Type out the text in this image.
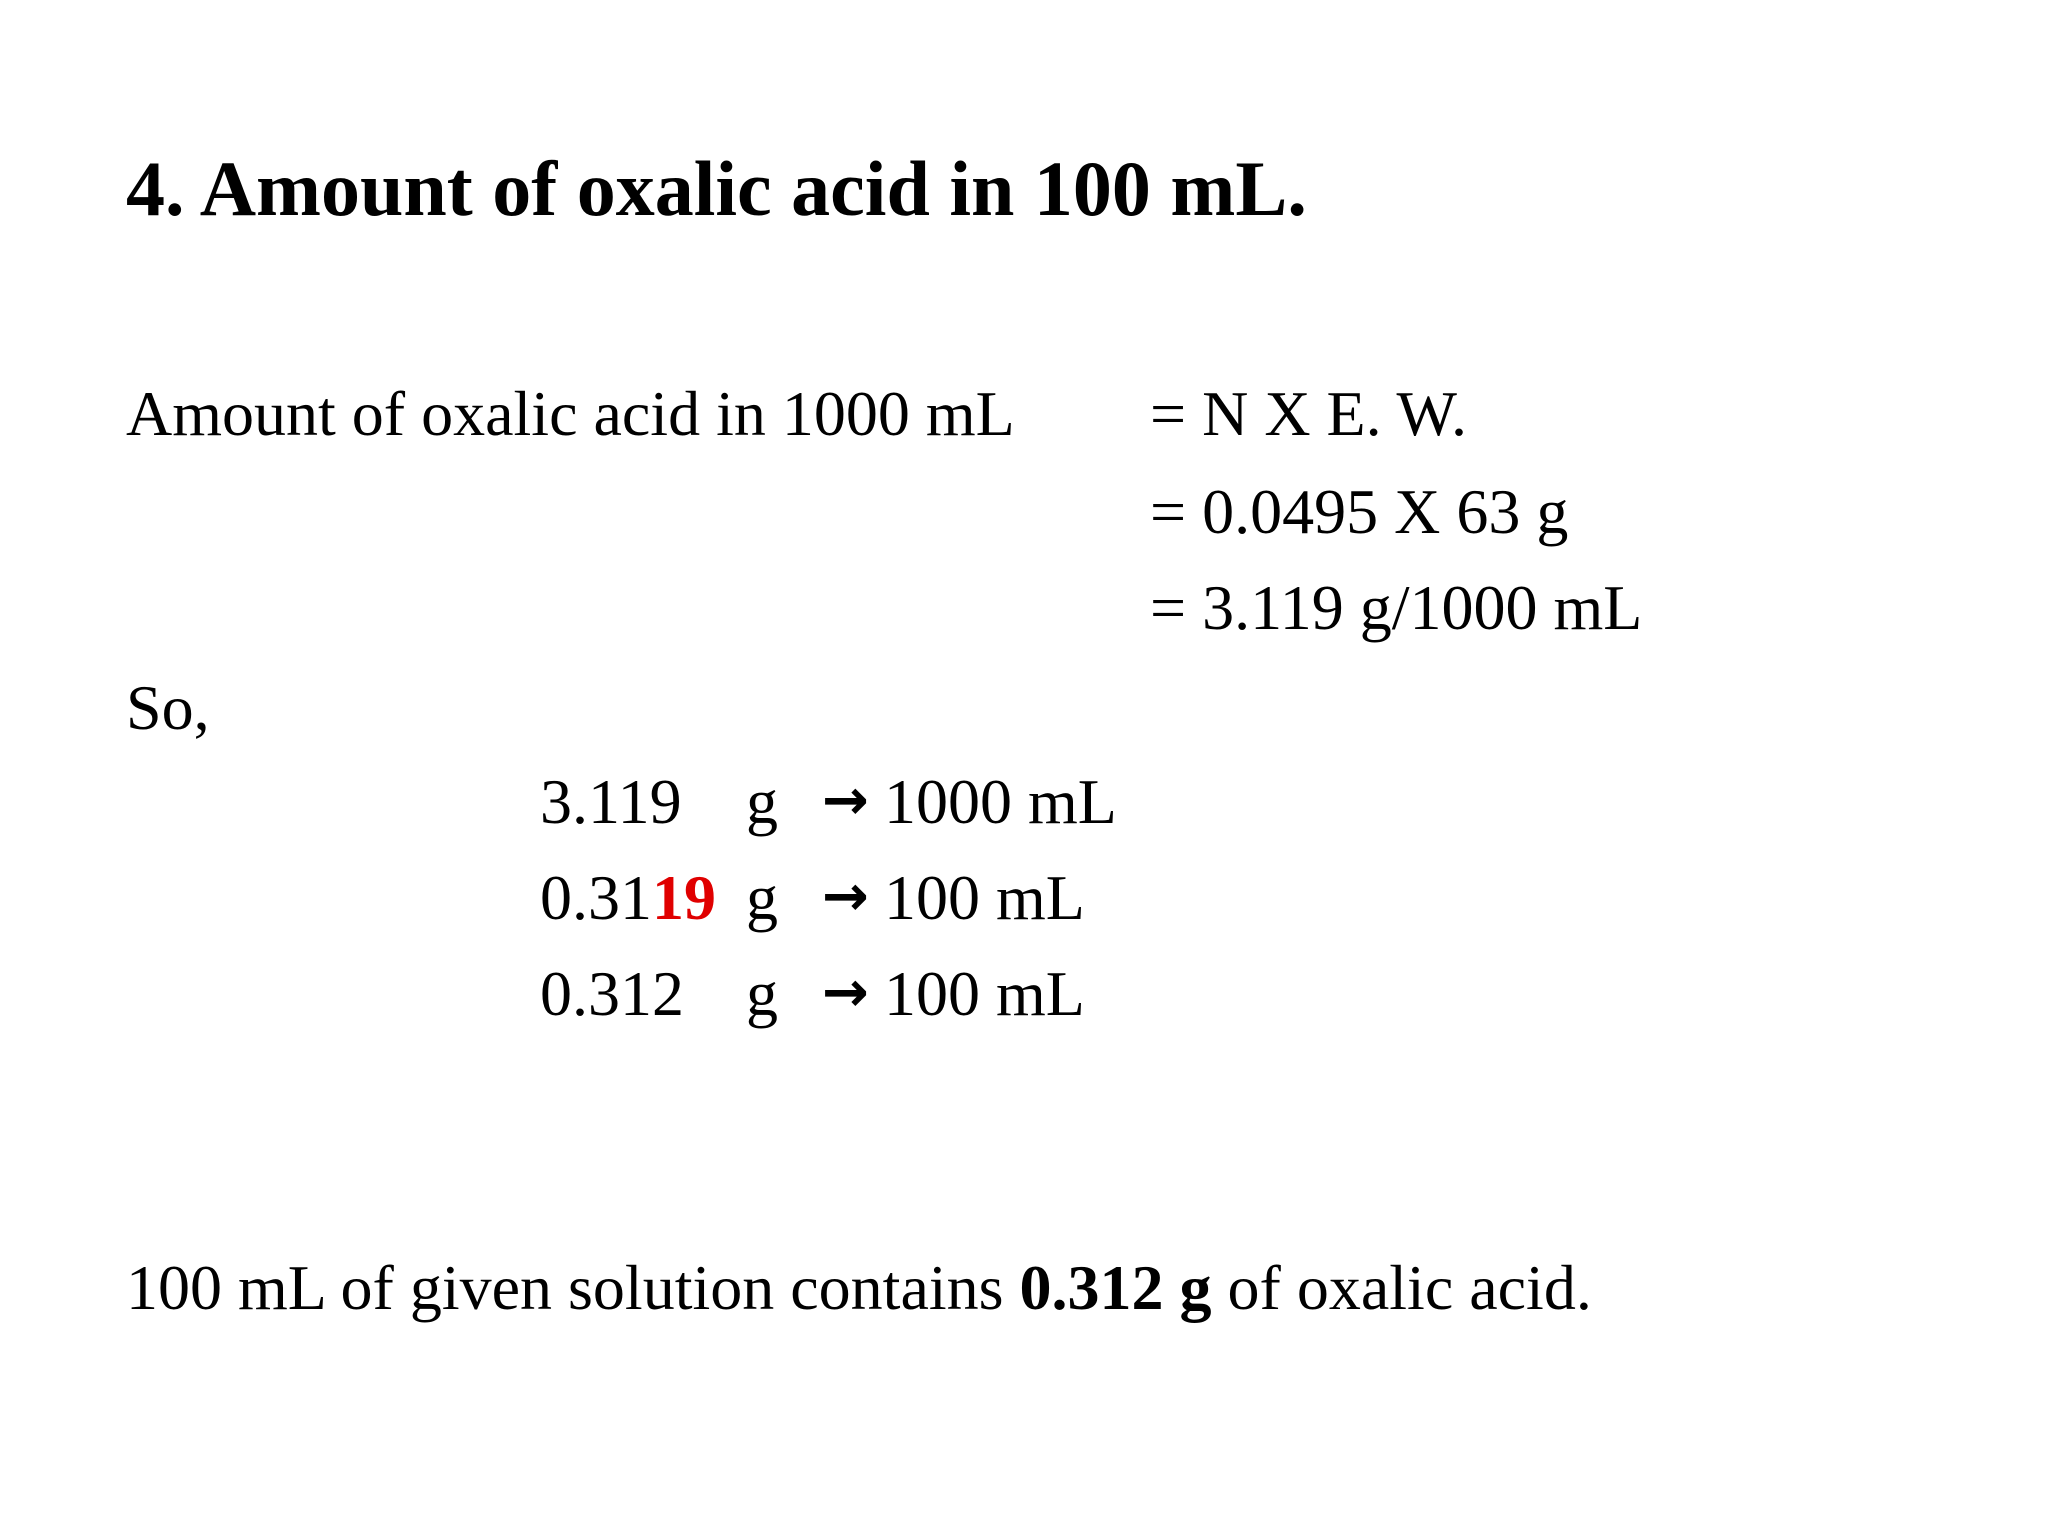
4. Amount of oxalic acid in 100 mL.
Amount of oxalic acid in 1000 mL = N X E. W.
= 0.0495 X 63 g
= 3.119 g/1000 mL
So,
3.119 g → 1000 mL
0.3119 g → 100 mL
0.312 g → 100 mL
100 mL of given solution contains 0.312 g of oxalic acid.
